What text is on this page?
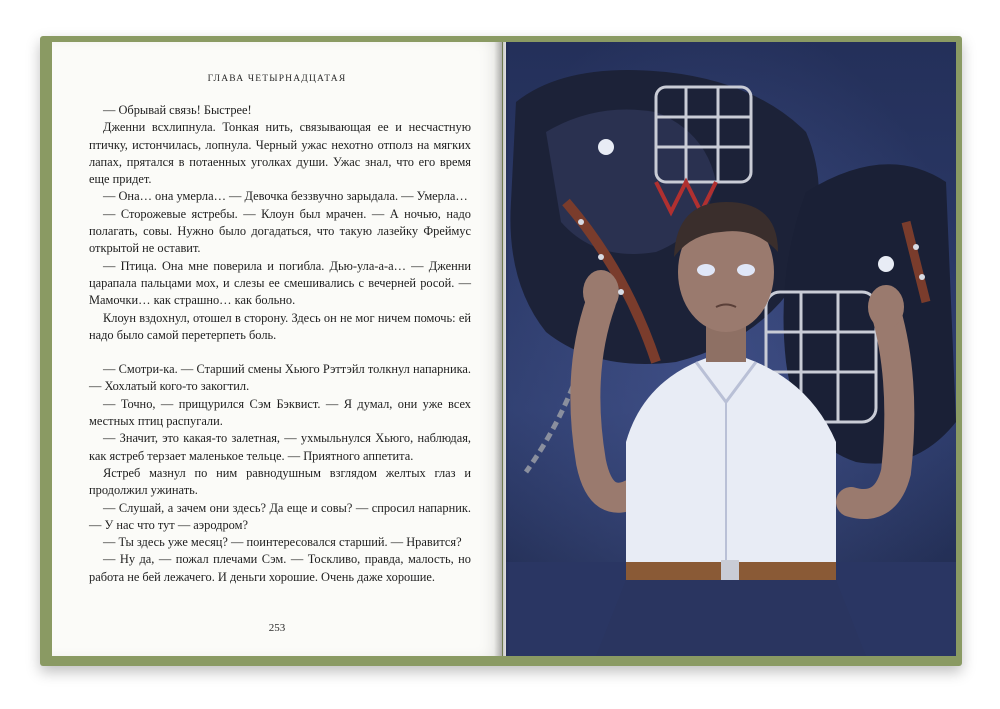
ГЛАВА ЧЕТЫРНАДЦАТАЯ

— Обрывай связь! Быстрее!

Дженни всхлипнула. Тонкая нить, связывающая ее и несчастную птичку, истончилась, лопнула. Черный ужас нехотно отполз на мягких лапах, прятался в потаенных уголках души. Ужас знал, что его время еще придет.

— Она… она умерла… — Девочка беззвучно зарыдала. — Умерла…

— Сторожевые ястребы. — Клоун был мрачен. — А ночью, надо полагать, совы. Нужно было догадаться, что такую лазейку Фреймус открытой не оставит.

— Птица. Она мне поверила и погибла. Дью-ула-а-а… — Дженни царапала пальцами мох, и слезы ее смешивались с вечерней росой. — Мамочки… как страшно… как больно.

Клоун вздохнул, отошел в сторону. Здесь он не мог ничем помочь: ей надо было самой перетерпеть боль.

— Смотри-ка. — Старший смены Хьюго Рэттэйл толкнул напарника. — Хохлатый кого-то закогтил.

— Точно, — прищурился Сэм Бэквист. — Я думал, они уже всех местных птиц распугали.

— Значит, это какая-то залетная, — ухмыльнулся Хьюго, наблюдая, как ястреб терзает маленькое тельце. — Приятного аппетита.

Ястреб мазнул по ним равнодушным взглядом желтых глаз и продолжил ужинать.

— Слушай, а зачем они здесь? Да еще и совы? — спросил напарник. — У нас что тут — аэродром?

— Ты здесь уже месяц? — поинтересовался старший. — Нравится?

— Ну да, — пожал плечами Сэм. — Тоскливо, правда, малость, но работа не бей лежачего. И деньги хорошие. Очень даже хорошие.

253
